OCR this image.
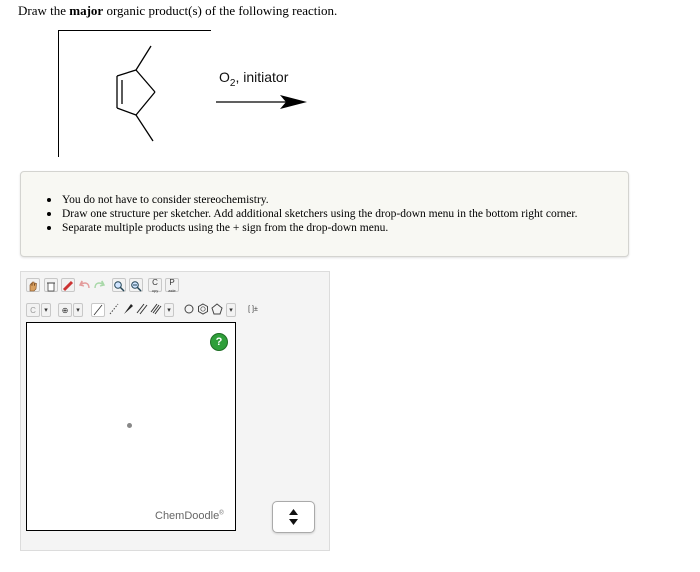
Draw the major organic product(s) of the following reaction.
$O_2$, initiator
You do not have to consider stereochemistry.
Draw one structure per sketcher. Add additional sketchers using the drop-down menu in the bottom right corner.
Separate multiple products using the + sign from the drop-down menu.
C
opy
P
aste
C	▾	⊕	▾	▾	▾	[ ]±
?
ChemDoodle®
